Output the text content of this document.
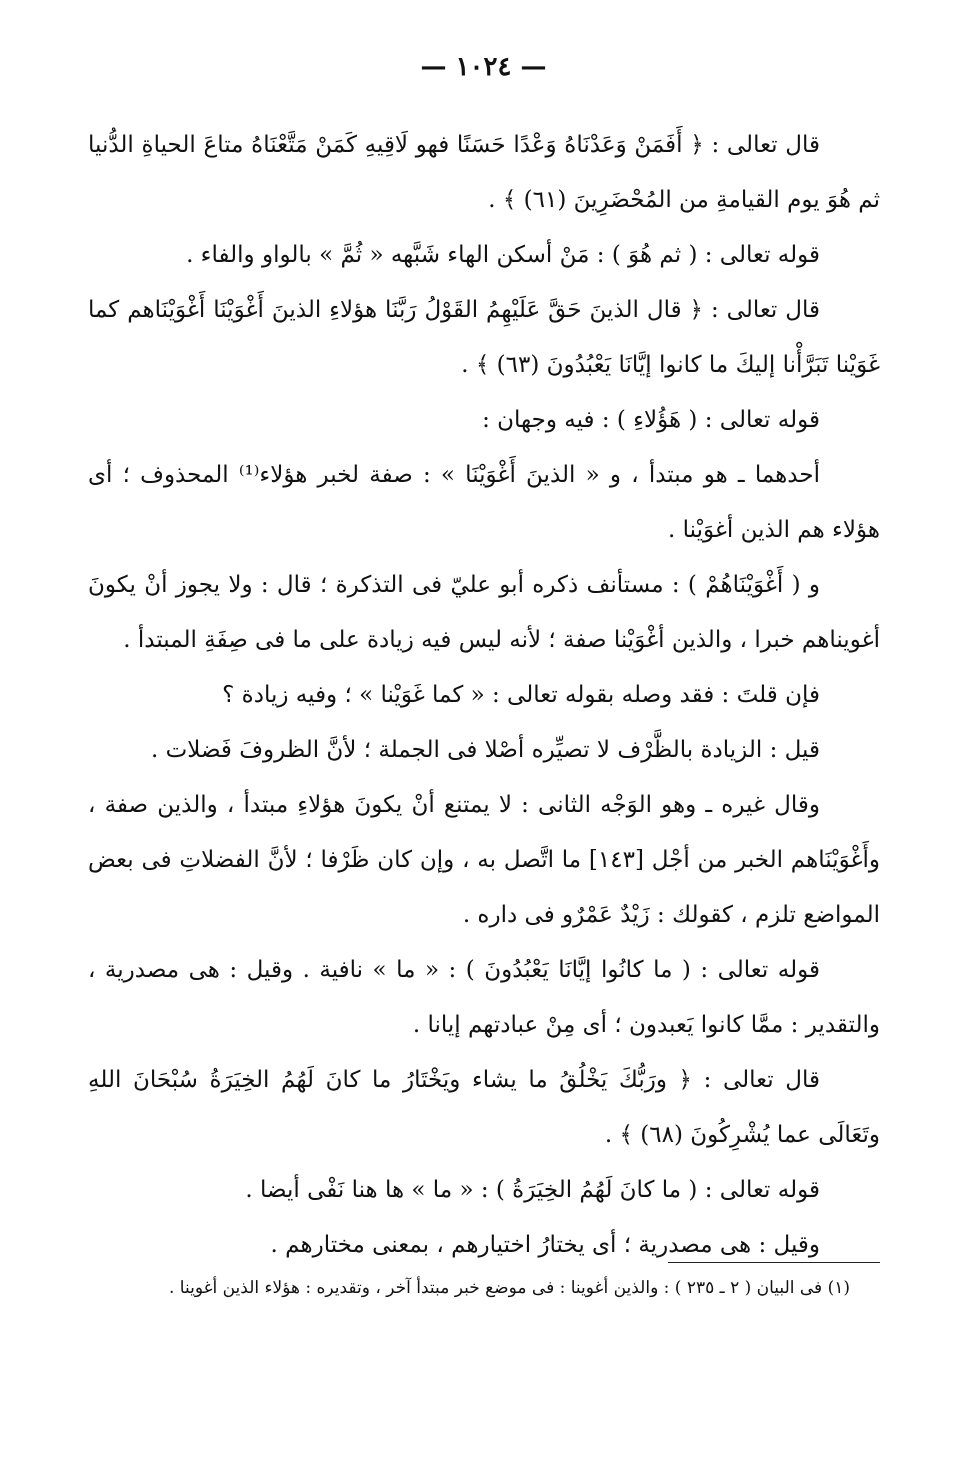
— ١٠٢٤ —

قال تعالى : ﴿ أَفَمَنْ وَعَدْنَاهُ وَعْدًا حَسَنًا فهو لَاقِيهِ كَمَنْ مَتَّعْنَاهُ متاعَ الحياةِ الدُّنيا ثم هُوَ يوم القيامةِ من المُحْضَرِينَ (٦١) ﴾ .

قوله تعالى : ( ثم هُوَ ) : مَنْ أسكن الهاء شَبَّهه « ثُمَّ » بالواو والفاء .

قال تعالى : ﴿ قال الذينَ حَقَّ عَلَيْهِمُ القَوْلُ رَبَّنَا هؤلاءِ الذينَ أَغْوَيْنَا أَغْوَيْنَاهم كما غَوَيْنا تَبَرَّأْنا إليكَ ما كانوا إيَّانَا يَعْبُدُونَ (٦٣) ﴾ .

قوله تعالى : ( هَؤُلاءِ ) : فيه وجهان :

أحدهما ـ هو مبتدأ ، و « الذينَ أَغْوَيْنَا » : صفة لخبر هؤلاء⁽¹⁾ المحذوف ؛ أى هؤلاء هم الذين أغوَيْنا .

و ( أَغْوَيْنَاهُمْ ) : مستأنف ذكره أبو عليّ فى التذكرة ؛ قال : ولا يجوز أنْ يكونَ أغويناهم خبرا ، والذين أغْوَيْنا صفة ؛ لأنه ليس فيه زيادة على ما فى صِفَةِ المبتدأ .

فإن قلتَ : فقد وصله بقوله تعالى : « كما غَوَيْنا » ؛ وفيه زيادة ؟

قيل : الزيادة بالظَّرْف لا تصيِّره أصْلا فى الجملة ؛ لأنَّ الظروفَ فَضلات .

وقال غيره ـ وهو الوَجْه الثانى : لا يمتنع أنْ يكونَ هؤلاءِ مبتدأ ، والذين صفة ، وأَغْوَيْنَاهم الخبر من أجْل [١٤٣] ما اتَّصل به ، وإن كان ظَرْفا ؛ لأنَّ الفضلاتِ فى بعض المواضع تلزم ، كقولك : زَيْدٌ عَمْرٌو فى داره .

قوله تعالى : ( ما كانُوا إيَّانَا يَعْبُدُونَ ) : « ما » نافية . وقيل : هى مصدرية ، والتقدير : ممَّا كانوا يَعبدون ؛ أى مِنْ عبادتهم إيانا .

قال تعالى : ﴿ ورَبُّكَ يَخْلُقُ ما يشاء ويَخْتَارُ ما كانَ لَهُمُ الخِيَرَةُ سُبْحَانَ اللهِ وتَعَالَى عما يُشْرِكُونَ (٦٨) ﴾ .

قوله تعالى : ( ما كانَ لَهُمُ الخِيَرَةُ ) : « ما » ها هنا نَفْى أيضا .

وقيل : هى مصدرية ؛ أى يختارُ اختيارهم ، بمعنى مختارهم .

(١) فى البيان ( ٢ ـ ٢٣٥ ) : والذين أغوينا : فى موضع خبر مبتدأ آخر ، وتقديره : هؤلاء الذين أغوينا .
